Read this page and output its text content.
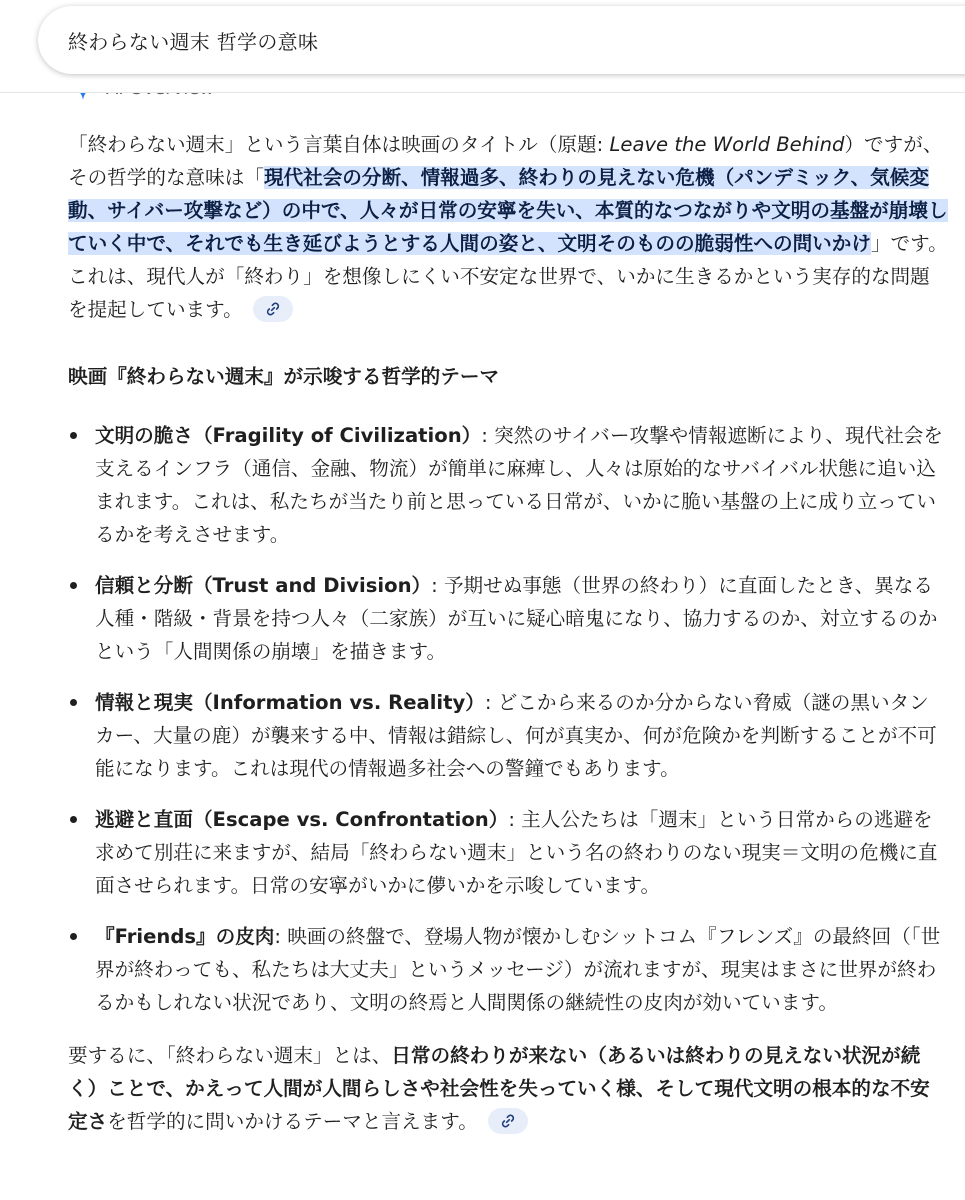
終わらない週末 哲学の意味

「終わらない週末」という言葉自体は映画のタイトル（原題: Leave the World Behind）ですが、その哲学的な意味は「現代社会の分断、情報過多、終わりの見えない危機（パンデミック、気候変動、サイバー攻撃など）の中で、人々が日常の安寧を失い、本質的なつながりや文明の基盤が崩壊していく中で、それでも生き延びようとする人間の姿と、文明そのものの脆弱性への問いかけ」です。これは、現代人が「終わり」を想像しにくい不安定な世界で、いかに生きるかという実存的な問題を提起しています。

映画『終わらない週末』が示唆する哲学的テーマ

文明の脆さ（Fragility of Civilization）: 突然のサイバー攻撃や情報遮断により、現代社会を支えるインフラ（通信、金融、物流）が簡単に麻痺し、人々は原始的なサバイバル状態に追い込まれます。これは、私たちが当たり前と思っている日常が、いかに脆い基盤の上に成り立っているかを考えさせます。
信頼と分断（Trust and Division）: 予期せぬ事態（世界の終わり）に直面したとき、異なる人種・階級・背景を持つ人々（二家族）が互いに疑心暗鬼になり、協力するのか、対立するのかという「人間関係の崩壊」を描きます。
情報と現実（Information vs. Reality）: どこから来るのか分からない脅威（謎の黒いタンカー、大量の鹿）が襲来する中、情報は錯綜し、何が真実か、何が危険かを判断することが不可能になります。これは現代の情報過多社会への警鐘でもあります。
逃避と直面（Escape vs. Confrontation）: 主人公たちは「週末」という日常からの逃避を求めて別荘に来ますが、結局「終わらない週末」という名の終わりのない現実＝文明の危機に直面させられます。日常の安寧がいかに儚いかを示唆しています。
『Friends』の皮肉: 映画の終盤で、登場人物が懐かしむシットコム『フレンズ』の最終回（「世界が終わっても、私たちは大丈夫」というメッセージ）が流れますが、現実はまさに世界が終わるかもしれない状況であり、文明の終焉と人間関係の継続性の皮肉が効いています。

要するに、「終わらない週末」とは、日常の終わりが来ない（あるいは終わりの見えない状況が続く）ことで、かえって人間が人間らしさや社会性を失っていく様、そして現代文明の根本的な不安定さを哲学的に問いかけるテーマと言えます。
